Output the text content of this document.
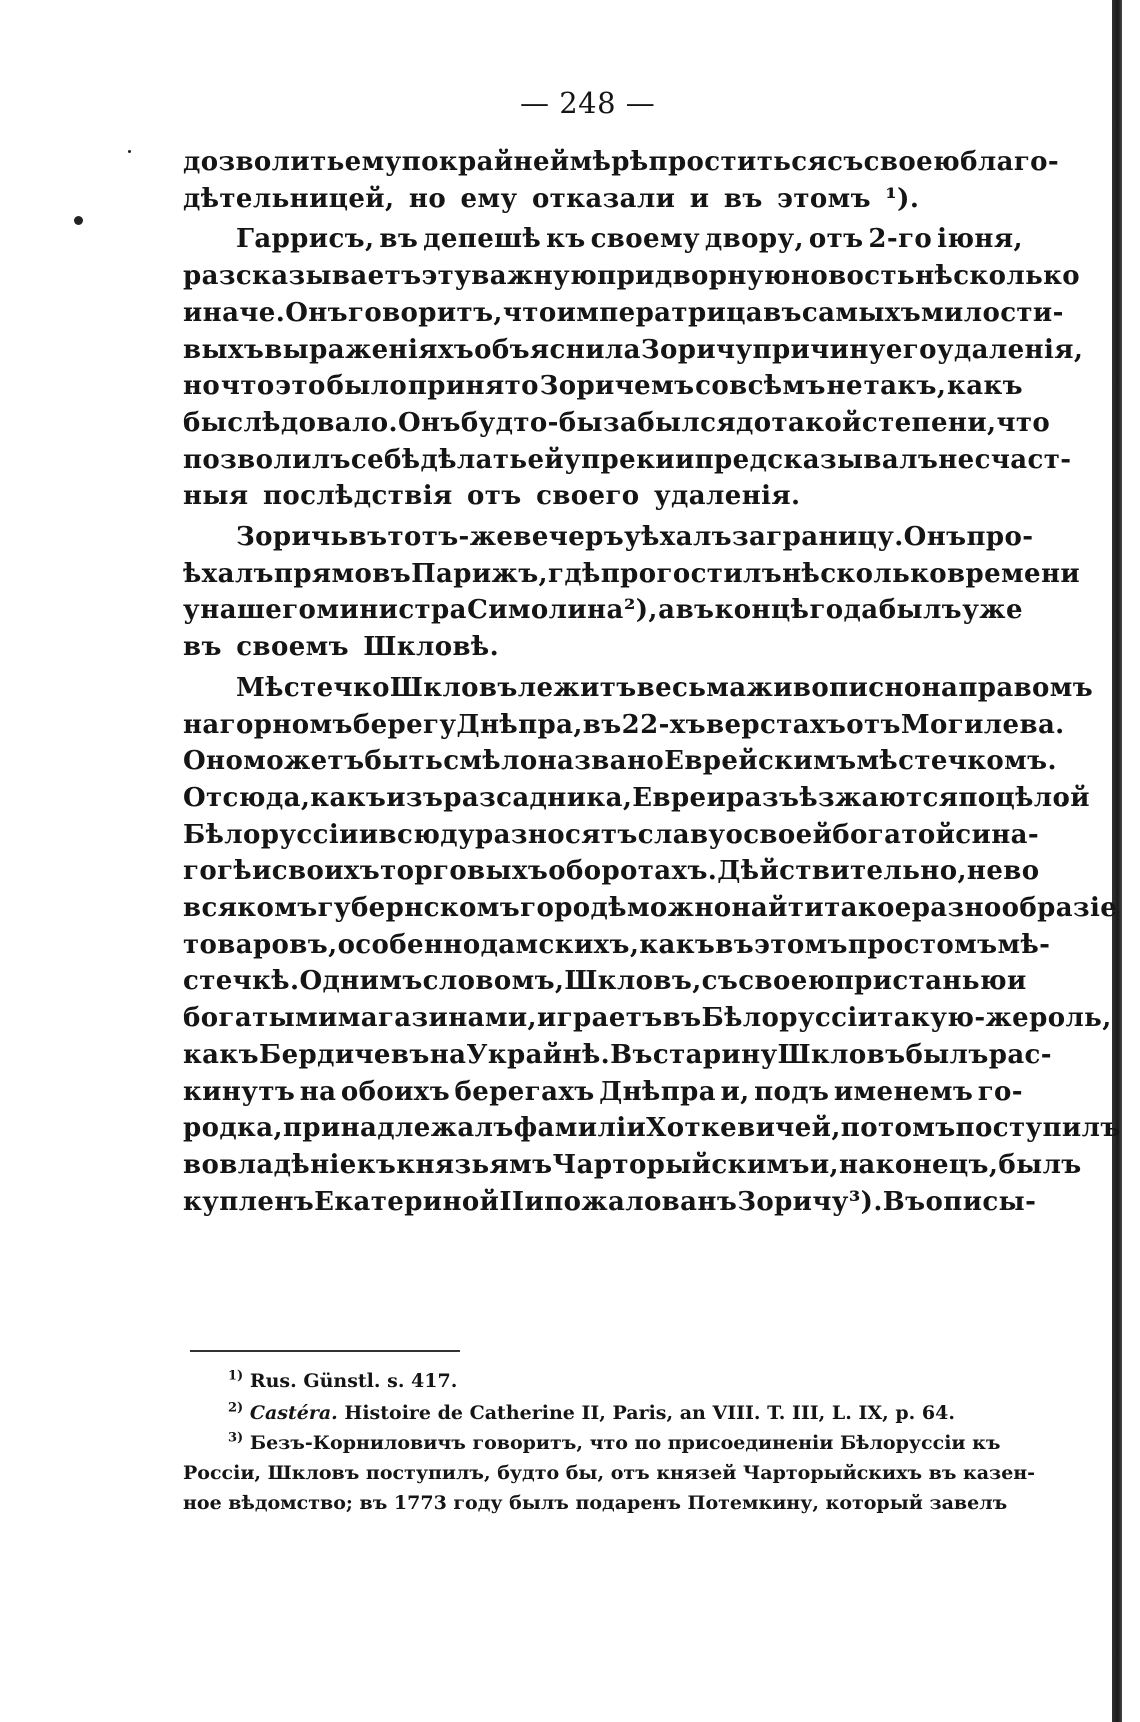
— 248 —
дозволить ему по крайней мѣрѣ проститься съ своею благо-
дѣтельницей, но ему отказали и въ этомъ ¹).
Гаррисъ, въ депешѣ къ своему двору, отъ 2-го іюня,
разсказываетъ эту важную придворную новость нѣсколько
иначе. Онъ говоритъ, что императрица въ самыхъ милости-
выхъ выраженіяхъ объяснила Зоричу причину его удаленія,
но что это было принято Зоричемъ совсѣмъ не такъ, какъ
бы слѣдовало. Онъ будто-бы забылся до такой степени, что
позволилъ себѣ дѣлать ей упреки и предсказывалъ несчаст-
ныя послѣдствія отъ своего удаленія.
Зоричь въ тотъ-же вечеръ уѣхалъ за границу. Онъ про-
ѣхалъ прямо въ Парижъ, гдѣ прогостилъ нѣсколько времени
у нашего министра Симолина ²), а въ концѣ года былъ уже
въ своемъ Шкловѣ.
Мѣстечко Шкловъ лежитъ весьма живописно на правомъ
нагорномъ берегу Днѣпра, въ 22-хъ верстахъ отъ Могилева.
Оно можетъ быть смѣло названо Еврейскимъ мѣстечкомъ.
Отсюда, какъ изъ разсадника, Евреи разъѣзжаются по цѣлой
Бѣлоруссіи и всюду разносятъ славу о своей богатой сина-
гогѣ и своихъ торговыхъ оборотахъ. Дѣйствительно, не во
всякомъ губернскомъ городѣ можно найти такое разнообразіе
товаровъ, особенно дамскихъ, какъ въ этомъ простомъ мѣ-
стечкѣ. Однимъ словомъ, Шкловъ, съ своею пристанью и
богатыми магазинами, играетъ въ Бѣлоруссіи такую-же роль,
какъ Бердичевъ на Украйнѣ. Въ старину Шкловъ былъ рас-
кинутъ на обоихъ берегахъ Днѣпра и, подъ именемъ го-
родка, принадлежалъ фамиліи Хоткевичей, потомъ поступилъ
во владѣніе къ князьямъ Чарторыйскимъ и, наконецъ, былъ
купленъ Екатериной II и пожалованъ Зоричу ³). Въ описы-
$^{1)}$ Rus. Günstl. s. 417.
$^{2)}$ Castéra. Histoire de Catherine II, Paris, an VIII. T. III, L. IX, p. 64.
$^{3)}$ Безъ-Корниловичъ говоритъ, что по присоединеніи Бѣлоруссіи къ
Россіи, Шкловъ поступилъ, будто бы, отъ князей Чарторыйскихъ въ казен-
ное вѣдомство; въ 1773 году былъ подаренъ Потемкину, который завелъ
